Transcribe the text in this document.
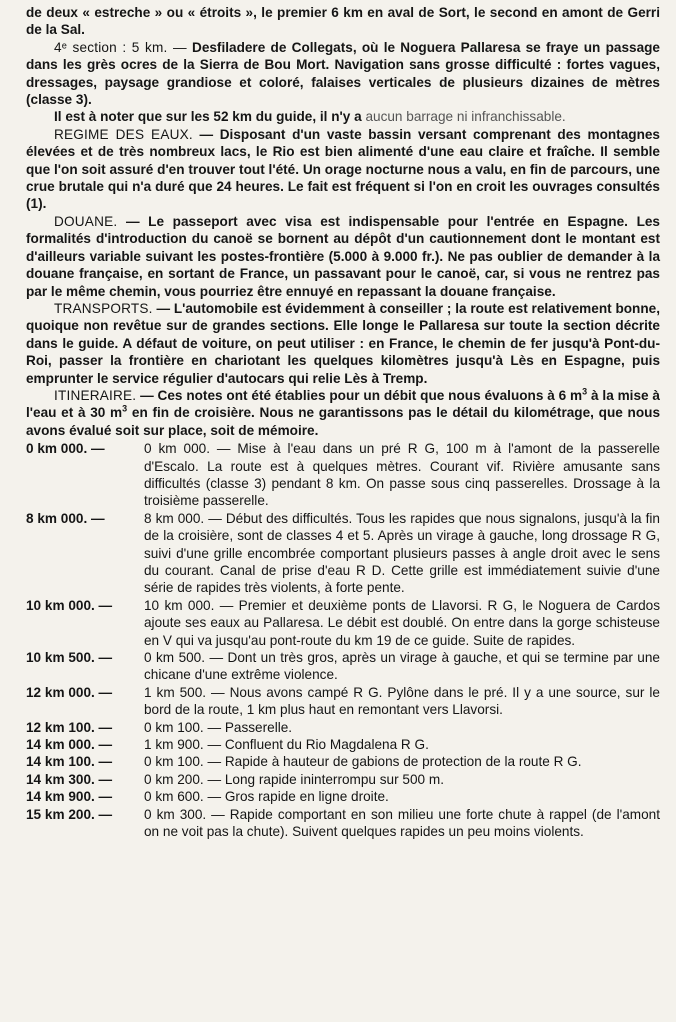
de deux « estreche » ou « étroits », le premier 6 km en aval de Sort, le second en amont de Gerri de la Sal.

4ᵉ section : 5 km. — Desfiladere de Collegats, où le Noguera Pallaresa se fraye un passage dans les grès ocres de la Sierra de Bou Mort. Navigation sans grosse difficulté : fortes vagues, dressages, paysage grandiose et coloré, falaises verticales de plusieurs dizaines de mètres (classe 3).

Il est à noter que sur les 52 km du guide, il n'y a aucun barrage ni infranchissable.

REGIME DES EAUX. — Disposant d'un vaste bassin versant comprenant des montagnes élevées et de très nombreux lacs, le Rio est bien alimenté d'une eau claire et fraîche. Il semble que l'on soit assuré d'en trouver tout l'été. Un orage nocturne nous a valu, en fin de parcours, une crue brutale qui n'a duré que 24 heures. Le fait est fréquent si l'on en croit les ouvrages consultés (1).

DOUANE. — Le passeport avec visa est indispensable pour l'entrée en Espagne. Les formalités d'introduction du canoë se bornent au dépôt d'un cautionnement dont le montant est d'ailleurs variable suivant les postes-frontière (5.000 à 9.000 fr.). Ne pas oublier de demander à la douane française, en sortant de France, un passavant pour le canoë, car, si vous ne rentrez pas par le même chemin, vous pourriez être ennuyé en repassant la douane française.

TRANSPORTS. — L'automobile est évidemment à conseiller ; la route est relativement bonne, quoique non revêtue sur de grandes sections. Elle longe le Pallaresa sur toute la section décrite dans le guide. A défaut de voiture, on peut utiliser : en France, le chemin de fer jusqu'à Pont-du-Roi, passer la frontière en chariotant les quelques kilomètres jusqu'à Lès en Espagne, puis emprunter le service régulier d'autocars qui relie Lès à Tremp.

ITINERAIRE. — Ces notes ont été établies pour un débit que nous évaluons à 6 $m^3$ à la mise à l'eau et à 30 $m^3$ en fin de croisière. Nous ne garantissons pas le détail du kilométrage, que nous avons évalué soit sur place, soit de mémoire.

0 km 000. —	0 km 000. — Mise à l'eau dans un pré R G, 100 m à l'amont de la passerelle d'Escalo. La route est à quelques mètres. Courant vif. Rivière amusante sans difficultés (classe 3) pendant 8 km. On passe sous cinq passerelles. Drossage à la troisième passerelle.
8 km 000. —	8 km 000. — Début des difficultés. Tous les rapides que nous signalons, jusqu'à la fin de la croisière, sont de classes 4 et 5. Après un virage à gauche, long drossage R G, suivi d'une grille encombrée comportant plusieurs passes à angle droit avec le sens du courant. Canal de prise d'eau R D. Cette grille est immédiatement suivie d'une série de rapides très violents, à forte pente.
10 km 000. —	10 km 000. — Premier et deuxième ponts de Llavorsi. R G, le Noguera de Cardos ajoute ses eaux au Pallaresa. Le débit est doublé. On entre dans la gorge schisteuse en V qui va jusqu'au pont-route du km 19 de ce guide. Suite de rapides.
10 km 500. —	0 km 500. — Dont un très gros, après un virage à gauche, et qui se termine par une chicane d'une extrême violence.
12 km 000. —	1 km 500. — Nous avons campé R G. Pylône dans le pré. Il y a une source, sur le bord de la route, 1 km plus haut en remontant vers Llavorsi.
12 km 100. —	0 km 100. — Passerelle.
14 km 000. —	1 km 900. — Confluent du Rio Magdalena R G.
14 km 100. —	0 km 100. — Rapide à hauteur de gabions de protection de la route R G.
14 km 300. —	0 km 200. — Long rapide ininterrompu sur 500 m.
14 km 900. —	0 km 600. — Gros rapide en ligne droite.
15 km 200. —	0 km 300. — Rapide comportant en son milieu une forte chute à rappel (de l'amont on ne voit pas la chute). Suivent quelques rapides un peu moins violents.
